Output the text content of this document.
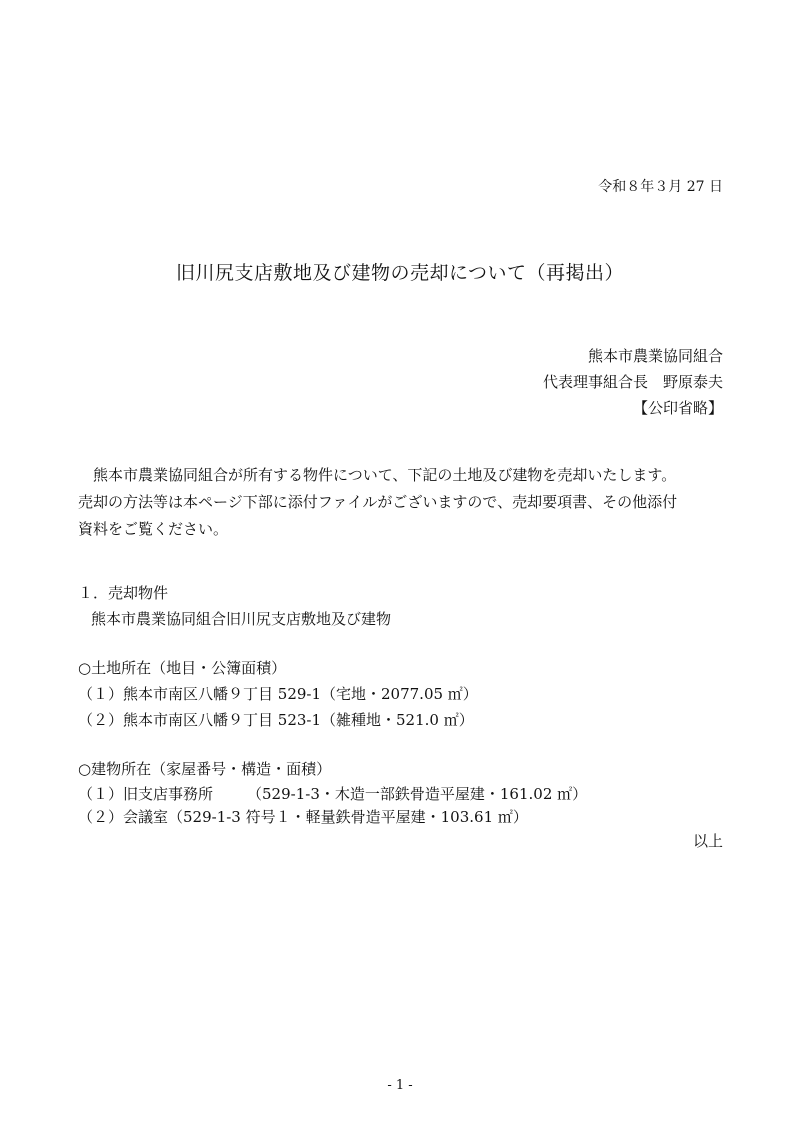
令和８年３月 27 日
旧川尻支店敷地及び建物の売却について（再掲出）
熊本市農業協同組合
代表理事組合長　野原泰夫
【公印省略】
熊本市農業協同組合が所有する物件について、下記の土地及び建物を売却いたします。
売却の方法等は本ページ下部に添付ファイルがございますので、売却要項書、その他添付
資料をご覧ください。
１．売却物件
熊本市農業協同組合旧川尻支店敷地及び建物
○土地所在（地目・公簿面積）
（１）熊本市南区八幡９丁目 529-1（宅地・2077.05 ㎡）
（２）熊本市南区八幡９丁目 523-1（雑種地・521.0 ㎡）
○建物所在（家屋番号・構造・面積）
（１）旧支店事務所 （529-1-3・木造一部鉄骨造平屋建・161.02 ㎡）
（２）会議室（529-1-3 符号１・軽量鉄骨造平屋建・103.61 ㎡）
以上
- 1 -
